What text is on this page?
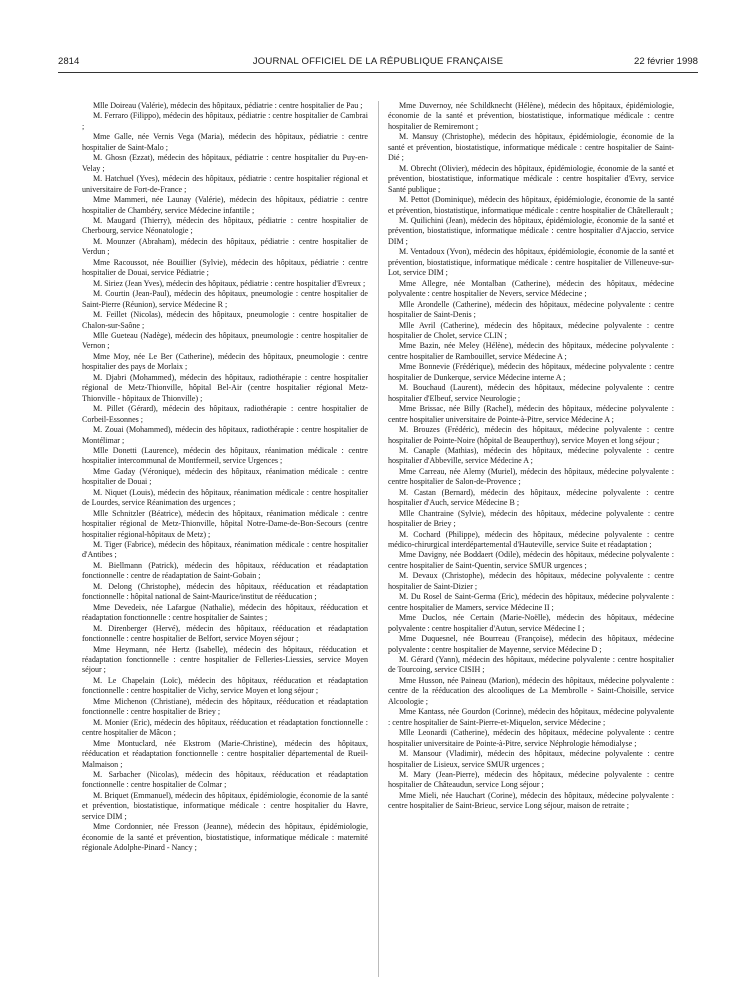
2814	JOURNAL OFFICIEL DE LA RÉPUBLIQUE FRANÇAISE	22 février 1998

Mlle Doireau (Valérie), médecin des hôpitaux, pédiatrie : centre hospitalier de Pau ;

M. Ferraro (Filippo), médecin des hôpitaux, pédiatrie : centre hospitalier de Cambrai ;

Mme Galle, née Vernis Vega (Maria), médecin des hôpitaux, pédiatrie : centre hospitalier de Saint-Malo ;

M. Ghosn (Ezzat), médecin des hôpitaux, pédiatrie : centre hospitalier du Puy-en-Velay ;

M. Hatchuel (Yves), médecin des hôpitaux, pédiatrie : centre hospitalier régional et universitaire de Fort-de-France ;

Mme Mammeri, née Launay (Valérie), médecin des hôpitaux, pédiatrie : centre hospitalier de Chambéry, service Médecine infantile ;

M. Maugard (Thierry), médecin des hôpitaux, pédiatrie : centre hospitalier de Cherbourg, service Néonatologie ;

M. Mounzer (Abraham), médecin des hôpitaux, pédiatrie : centre hospitalier de Verdun ;

Mme Racoussot, née Bouillier (Sylvie), médecin des hôpitaux, pédiatrie : centre hospitalier de Douai, service Pédiatrie ;

M. Siriez (Jean Yves), médecin des hôpitaux, pédiatrie : centre hospitalier d'Evreux ;

M. Courtin (Jean-Paul), médecin des hôpitaux, pneumologie : centre hospitalier de Saint-Pierre (Réunion), service Médecine R ;

M. Feillet (Nicolas), médecin des hôpitaux, pneumologie : centre hospitalier de Chalon-sur-Saône ;

Mlle Gueteau (Nadège), médecin des hôpitaux, pneumologie : centre hospitalier de Vernon ;

Mme Moy, née Le Ber (Catherine), médecin des hôpitaux, pneumologie : centre hospitalier des pays de Morlaix ;

M. Djabri (Mohammed), médecin des hôpitaux, radiothérapie : centre hospitalier régional de Metz-Thionville, hôpital Bel-Air (centre hospitalier régional Metz-Thionville - hôpitaux de Thionville) ;

M. Pillet (Gérard), médecin des hôpitaux, radiothérapie : centre hospitalier de Corbeil-Essonnes ;

M. Zouai (Mohammed), médecin des hôpitaux, radiothérapie : centre hospitalier de Montélimar ;

Mlle Donetti (Laurence), médecin des hôpitaux, réanimation médicale : centre hospitalier intercommunal de Montfermeil, service Urgences ;

Mme Gaday (Véronique), médecin des hôpitaux, réanimation médicale : centre hospitalier de Douai ;

M. Niquet (Louis), médecin des hôpitaux, réanimation médicale : centre hospitalier de Lourdes, service Réanimation des urgences ;

Mlle Schnitzler (Béatrice), médecin des hôpitaux, réanimation médicale : centre hospitalier régional de Metz-Thionville, hôpital Notre-Dame-de-Bon-Secours (centre hospitalier régional-hôpitaux de Metz) ;

M. Tiger (Fabrice), médecin des hôpitaux, réanimation médicale : centre hospitalier d'Antibes ;

M. Biellmann (Patrick), médecin des hôpitaux, rééducation et réadaptation fonctionnelle : centre de réadaptation de Saint-Gobain ;

M. Delong (Christophe), médecin des hôpitaux, rééducation et réadaptation fonctionnelle : hôpital national de Saint-Maurice/institut de rééducation ;

Mme Devedeix, née Lafargue (Nathalie), médecin des hôpitaux, rééducation et réadaptation fonctionnelle : centre hospitalier de Saintes ;

M. Direnberger (Hervé), médecin des hôpitaux, rééducation et réadaptation fonctionnelle : centre hospitalier de Belfort, service Moyen séjour ;

Mme Heymann, née Hertz (Isabelle), médecin des hôpitaux, rééducation et réadaptation fonctionnelle : centre hospitalier de Felleries-Liessies, service Moyen séjour ;

M. Le Chapelain (Loïc), médecin des hôpitaux, rééducation et réadaptation fonctionnelle : centre hospitalier de Vichy, service Moyen et long séjour ;

Mme Michenon (Christiane), médecin des hôpitaux, rééducation et réadaptation fonctionnelle : centre hospitalier de Briey ;

M. Monier (Eric), médecin des hôpitaux, rééducation et réadaptation fonctionnelle : centre hospitalier de Mâcon ;

Mme Montuclard, née Ekstrom (Marie-Christine), médecin des hôpitaux, rééducation et réadaptation fonctionnelle : centre hospitalier départemental de Rueil-Malmaison ;

M. Sarbacher (Nicolas), médecin des hôpitaux, rééducation et réadaptation fonctionnelle : centre hospitalier de Colmar ;

M. Briquet (Emmanuel), médecin des hôpitaux, épidémiologie, économie de la santé et prévention, biostatistique, informatique médicale : centre hospitalier du Havre, service DIM ;

Mme Cordonnier, née Fresson (Jeanne), médecin des hôpitaux, épidémiologie, économie de la santé et prévention, biostatistique, informatique médicale : maternité régionale Adolphe-Pinard - Nancy ;

Mme Duvernoy, née Schildknecht (Hélène), médecin des hôpitaux, épidémiologie, économie de la santé et prévention, biostatistique, informatique médicale : centre hospitalier de Remiremont ;

M. Mansuy (Christophe), médecin des hôpitaux, épidémiologie, économie de la santé et prévention, biostatistique, informatique médicale : centre hospitalier de Saint-Dié ;

M. Obrecht (Olivier), médecin des hôpitaux, épidémiologie, économie de la santé et prévention, biostatistique, informatique médicale : centre hospitalier d'Evry, service Santé publique ;

M. Pettot (Dominique), médecin des hôpitaux, épidémiologie, économie de la santé et prévention, biostatistique, informatique médicale : centre hospitalier de Châtellerault ;

M. Quilichini (Jean), médecin des hôpitaux, épidémiologie, économie de la santé et prévention, biostatistique, informatique médicale : centre hospitalier d'Ajaccio, service DIM ;

M. Ventadoux (Yvon), médecin des hôpitaux, épidémiologie, économie de la santé et prévention, biostatistique, informatique médicale : centre hospitalier de Villeneuve-sur-Lot, service DIM ;

Mme Allegre, née Montalban (Catherine), médecin des hôpitaux, médecine polyvalente : centre hospitalier de Nevers, service Médecine ;

Mlle Arondelle (Catherine), médecin des hôpitaux, médecine polyvalente : centre hospitalier de Saint-Denis ;

Mlle Avril (Catherine), médecin des hôpitaux, médecine polyvalente : centre hospitalier de Cholet, service CLIN ;

Mme Bazin, née Meley (Hélène), médecin des hôpitaux, médecine polyvalente : centre hospitalier de Rambouillet, service Médecine A ;

Mme Bonnevie (Frédérique), médecin des hôpitaux, médecine polyvalente : centre hospitalier de Dunkerque, service Médecine interne A ;

M. Bouchaud (Laurent), médecin des hôpitaux, médecine polyvalente : centre hospitalier d'Elbeuf, service Neurologie ;

Mme Brissac, née Billy (Rachel), médecin des hôpitaux, médecine polyvalente : centre hospitalier universitaire de Pointe-à-Pitre, service Médecine A ;

M. Brouzes (Frédéric), médecin des hôpitaux, médecine polyvalente : centre hospitalier de Pointe-Noire (hôpital de Beauperthuy), service Moyen et long séjour ;

M. Canaple (Mathias), médecin des hôpitaux, médecine polyvalente : centre hospitalier d'Abbeville, service Médecine A ;

Mme Carreau, née Alemy (Muriel), médecin des hôpitaux, médecine polyvalente : centre hospitalier de Salon-de-Provence ;

M. Castan (Bernard), médecin des hôpitaux, médecine polyvalente : centre hospitalier d'Auch, service Médecine B ;

Mlle Chantraine (Sylvie), médecin des hôpitaux, médecine polyvalente : centre hospitalier de Briey ;

M. Cochard (Philippe), médecin des hôpitaux, médecine polyvalente : centre médico-chirurgical interdépartemental d'Hauteville, service Suite et réadaptation ;

Mme Davigny, née Boddaert (Odile), médecin des hôpitaux, médecine polyvalente : centre hospitalier de Saint-Quentin, service SMUR urgences ;

M. Devaux (Christophe), médecin des hôpitaux, médecine polyvalente : centre hospitalier de Saint-Dizier ;

M. Du Rosel de Saint-Germa (Eric), médecin des hôpitaux, médecine polyvalente : centre hospitalier de Mamers, service Médecine II ;

Mme Duclos, née Certain (Marie-Noëlle), médecin des hôpitaux, médecine polyvalente : centre hospitalier d'Autun, service Médecine I ;

Mme Duquesnel, née Bourreau (Françoise), médecin des hôpitaux, médecine polyvalente : centre hospitalier de Mayenne, service Médecine D ;

M. Gérard (Yann), médecin des hôpitaux, médecine polyvalente : centre hospitalier de Tourcoing, service CISIH ;

Mme Husson, née Paineau (Marion), médecin des hôpitaux, médecine polyvalente : centre de la rééducation des alcooliques de La Membrolle - Saint-Choisille, service Alcoologie ;

Mme Kantass, née Gourdon (Corinne), médecin des hôpitaux, médecine polyvalente : centre hospitalier de Saint-Pierre-et-Miquelon, service Médecine ;

Mlle Leonardi (Catherine), médecin des hôpitaux, médecine polyvalente : centre hospitalier universitaire de Pointe-à-Pitre, service Néphrologie hémodialyse ;

M. Mansour (Vladimir), médecin des hôpitaux, médecine polyvalente : centre hospitalier de Lisieux, service SMUR urgences ;

M. Mary (Jean-Pierre), médecin des hôpitaux, médecine polyvalente : centre hospitalier de Châteaudun, service Long séjour ;

Mme Mieli, née Hauchart (Corine), médecin des hôpitaux, médecine polyvalente : centre hospitalier de Saint-Brieuc, service Long séjour, maison de retraite ;
